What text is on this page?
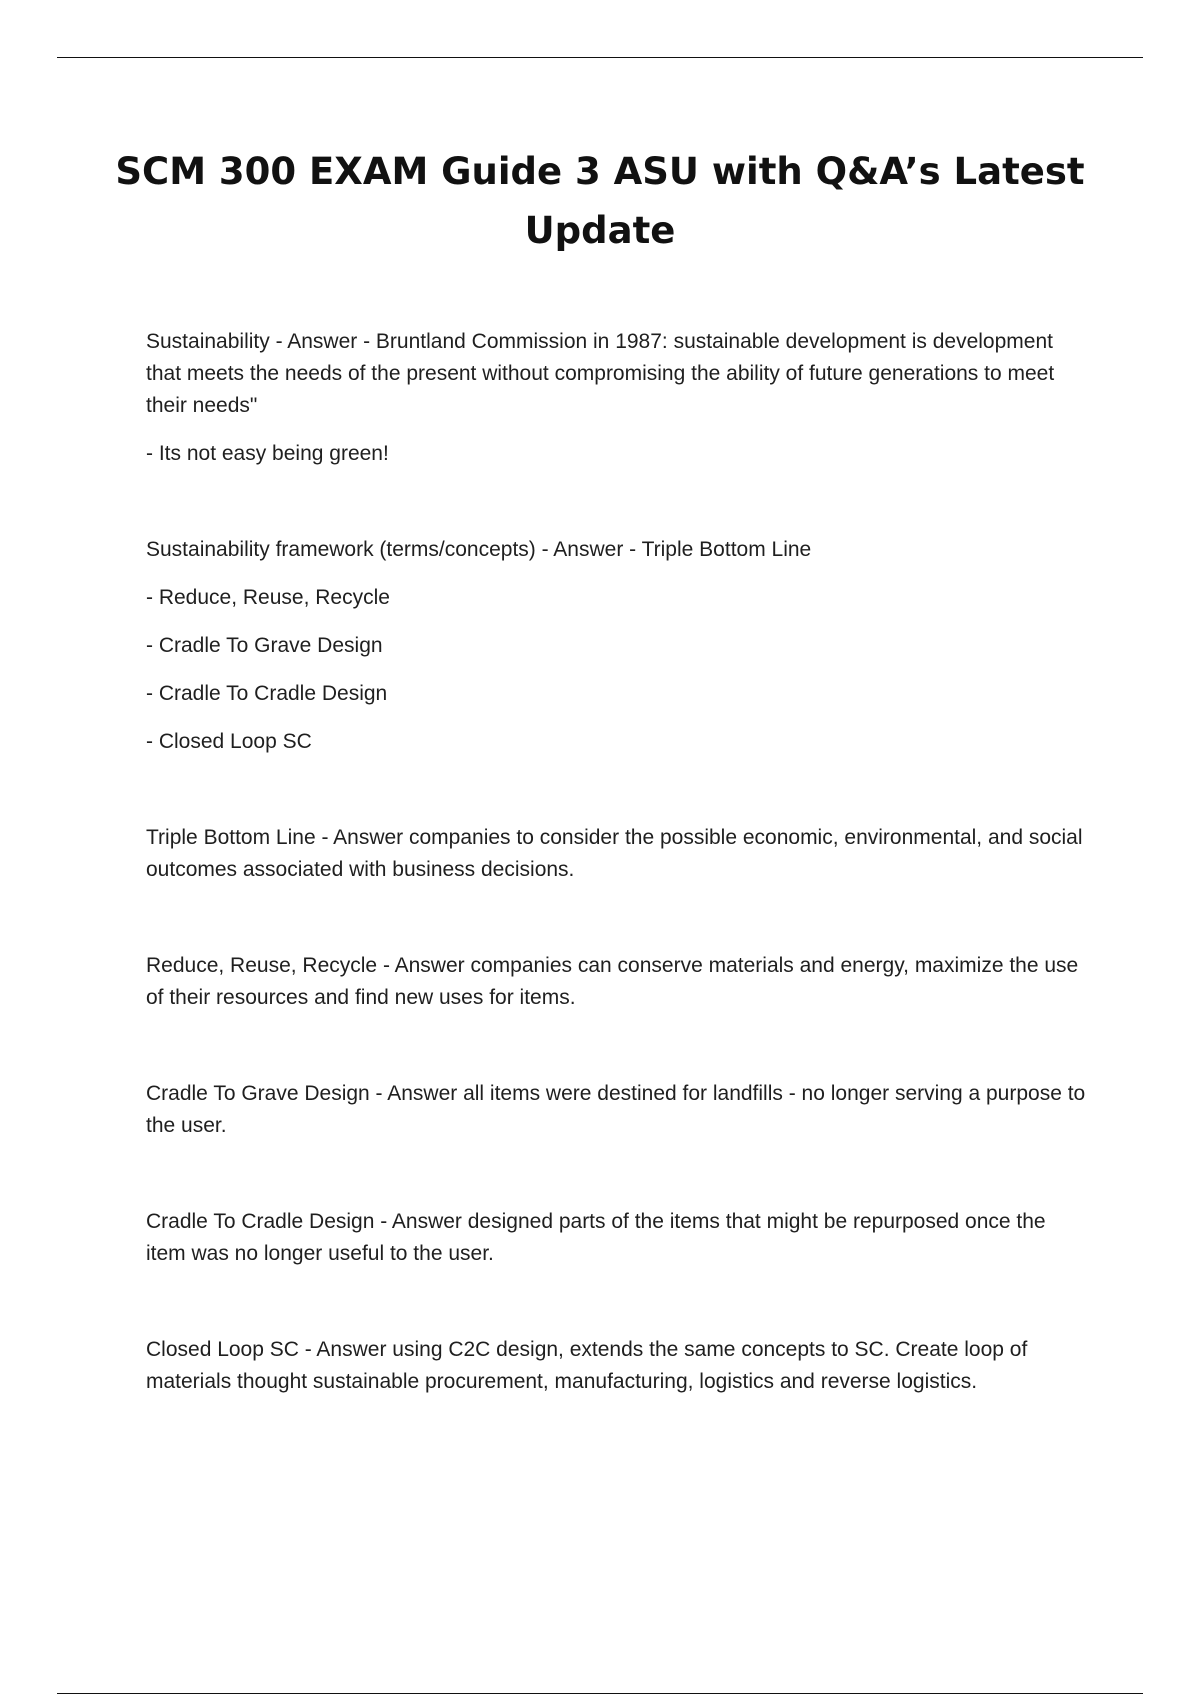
SCM 300 EXAM Guide 3 ASU with Q&A’s Latest Update

Sustainability - Answer - Bruntland Commission in 1987: sustainable development is development that meets the needs of the present without compromising the ability of future generations to meet their needs"

- Its not easy being green!

Sustainability framework (terms/concepts) - Answer - Triple Bottom Line

- Reduce, Reuse, Recycle

- Cradle To Grave Design

- Cradle To Cradle Design

- Closed Loop SC

Triple Bottom Line - Answer companies to consider the possible economic, environmental, and social outcomes associated with business decisions.

Reduce, Reuse, Recycle - Answer companies can conserve materials and energy, maximize the use of their resources and find new uses for items.

Cradle To Grave Design - Answer all items were destined for landfills - no longer serving a purpose to the user.

Cradle To Cradle Design - Answer designed parts of the items that might be repurposed once the item was no longer useful to the user.

Closed Loop SC - Answer using C2C design, extends the same concepts to SC. Create loop of materials thought sustainable procurement, manufacturing, logistics and reverse logistics.
